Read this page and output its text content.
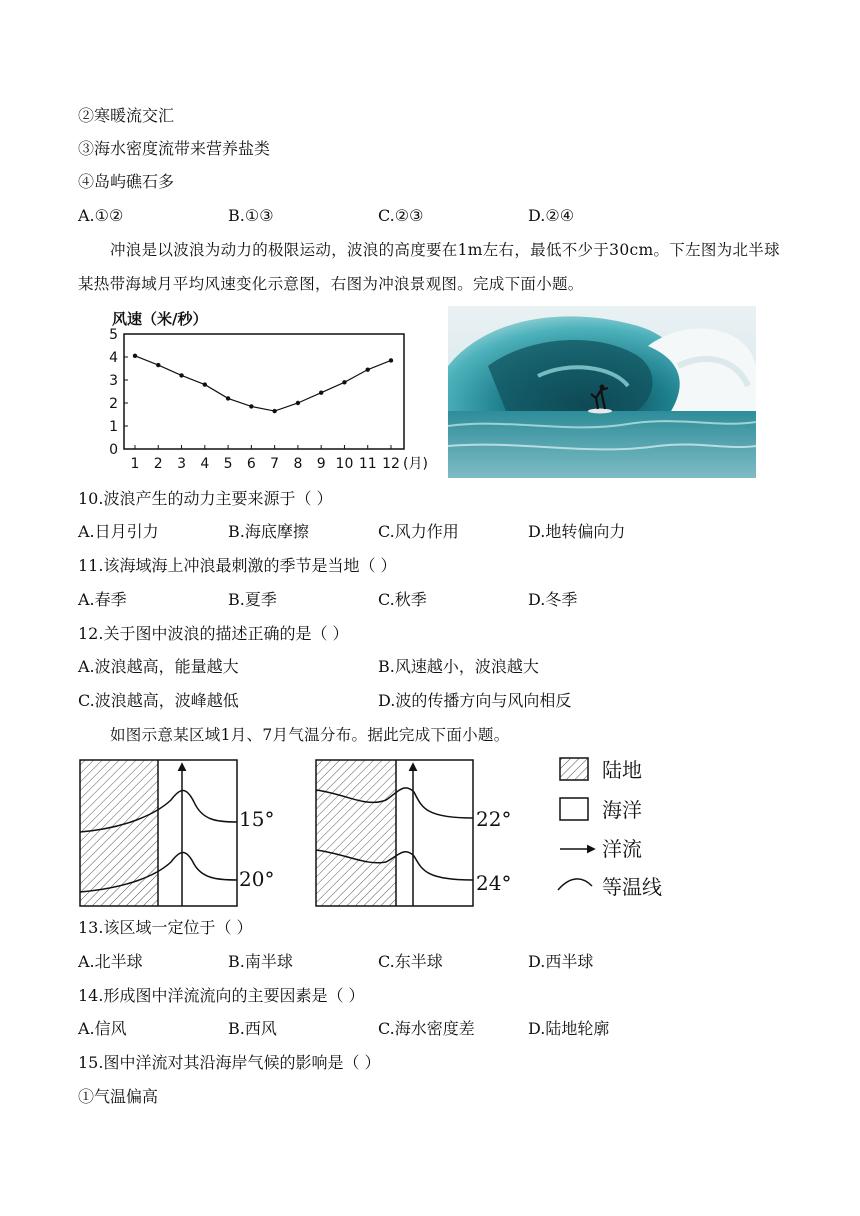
②寒暖流交汇
③海水密度流带来营养盐类
④岛屿礁石多
A.①②	B.①③	C.②③	D.②④
冲浪是以波浪为动力的极限运动，波浪的高度要在1m左右，最低不少于30cm。下左图为北半球某热带海域月平均风速变化示意图，右图为冲浪景观图。完成下面小题。
风速（米/秒）
0
1
2
3
4
5
1 2 3 4 5 6 7 8 9 10 11 12 (月)
10.波浪产生的动力主要来源于（ ）
A.日月引力	B.海底摩擦	C.风力作用	D.地转偏向力
11.该海域海上冲浪最刺激的季节是当地（ ）
A.春季	B.夏季	C.秋季	D.冬季
12.关于图中波浪的描述正确的是（ ）
A.波浪越高，能量越大	B.风速越小，波浪越大
C.波浪越高，波峰越低	D.波的传播方向与风向相反
如图示意某区域1月、7月气温分布。据此完成下面小题。
15°
20°
22°
24°
陆地
海洋
洋流
等温线
13.该区域一定位于（ ）
A.北半球	B.南半球	C.东半球	D.西半球
14.形成图中洋流流向的主要因素是（ ）
A.信风	B.西风	C.海水密度差	D.陆地轮廓
15.图中洋流对其沿海岸气候的影响是（ ）
①气温偏高
